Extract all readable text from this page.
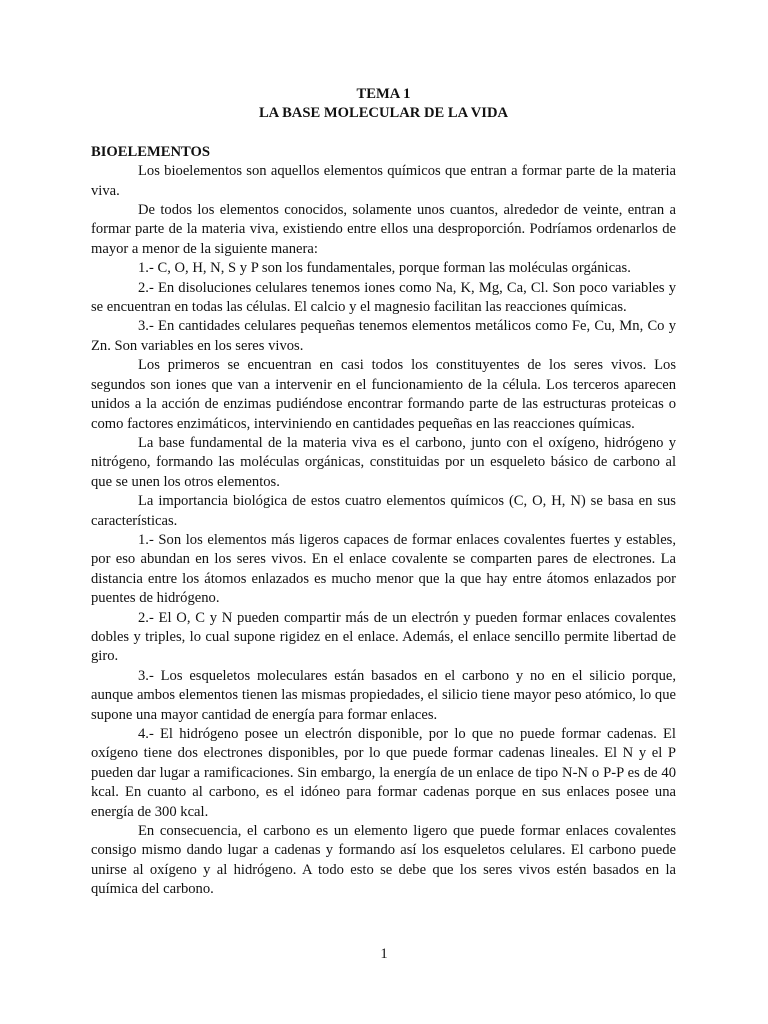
TEMA 1

LA BASE MOLECULAR DE LA VIDA

BIOELEMENTOS

Los bioelementos son aquellos elementos químicos que entran a formar parte de la materia viva.

De todos los elementos conocidos, solamente unos cuantos, alrededor de veinte, entran a formar parte de la materia viva, existiendo entre ellos una desproporción. Podríamos ordenarlos de mayor a menor de la siguiente manera:

1.- C, O, H, N, S y P son los fundamentales, porque forman las moléculas orgánicas.

2.- En disoluciones celulares tenemos iones como Na, K, Mg, Ca, Cl. Son poco variables y se encuentran en todas las células. El calcio y el magnesio facilitan las reacciones químicas.

3.- En cantidades celulares pequeñas tenemos elementos metálicos como Fe, Cu, Mn, Co y Zn. Son variables en los seres vivos.

Los primeros se encuentran en casi todos los constituyentes de los seres vivos. Los segundos son iones que van a intervenir en el funcionamiento de la célula. Los terceros aparecen unidos a la acción de enzimas pudiéndose encontrar formando parte de las estructuras proteicas o como factores enzimáticos, interviniendo en cantidades pequeñas en las reacciones químicas.

La base fundamental de la materia viva es el carbono, junto con el oxígeno, hidrógeno y nitrógeno, formando las moléculas orgánicas, constituidas por un esqueleto básico de carbono al que se unen los otros elementos.

La importancia biológica de estos cuatro elementos químicos (C, O, H, N) se basa en sus características.

1.- Son los elementos más ligeros capaces de formar enlaces covalentes fuertes y estables, por eso abundan en los seres vivos. En el enlace covalente se comparten pares de electrones. La distancia entre los átomos enlazados es mucho menor que la que hay entre átomos enlazados por puentes de hidrógeno.

2.- El O, C y N pueden compartir más de un electrón y pueden formar enlaces covalentes dobles y triples, lo cual supone rigidez en el enlace. Además, el enlace sencillo permite libertad de giro.

3.- Los esqueletos moleculares están basados en el carbono y no en el silicio porque, aunque ambos elementos tienen las mismas propiedades, el silicio tiene mayor peso atómico, lo que supone una mayor cantidad de energía para formar enlaces.

4.- El hidrógeno posee un electrón disponible, por lo que no puede formar cadenas. El oxígeno tiene dos electrones disponibles, por lo que puede formar cadenas lineales. El N y el P pueden dar lugar a ramificaciones. Sin embargo, la energía de un enlace de tipo N-N o P-P es de 40 kcal. En cuanto al carbono, es el idóneo para formar cadenas porque en sus enlaces posee una energía de 300 kcal.

En consecuencia, el carbono es un elemento ligero que puede formar enlaces covalentes consigo mismo dando lugar a cadenas y formando así los esqueletos celulares. El carbono puede unirse al oxígeno y al hidrógeno. A todo esto se debe que los seres vivos estén basados en la química del carbono.

1
